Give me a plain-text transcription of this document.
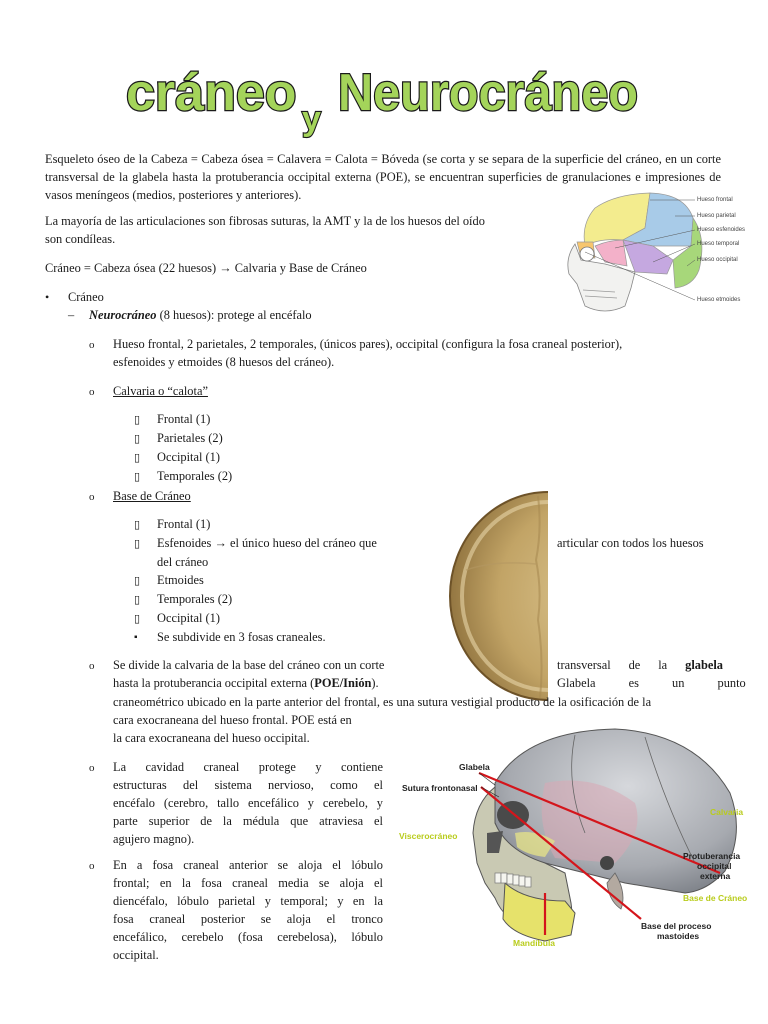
cráneo y Neurocráneo
Esqueleto óseo de la Cabeza = Cabeza ósea = Calavera = Calota = Bóveda (se corta y se separa de la superficie del cráneo, en un corte transversal de la glabela hasta la protuberancia occipital externa (POE), se encuentran superficies de granulaciones e impresiones de vasos meníngeos (medios, posteriores y anteriores).
La mayoría de las articulaciones son fibrosas suturas, la AMT y la de los huesos del oído
son condíleas.
Cráneo = Cabeza ósea (22 huesos) → Calvaria y Base de Cráneo
Hueso frontal
Hueso parietal
Hueso esfenoides
Hueso temporal
Hueso occipital
Hueso etmoides
• Cráneo
– Neurocráneo (8 huesos): protege al encéfalo
o Hueso frontal, 2 parietales, 2 temporales, (únicos pares), occipital (configura la fosa craneal posterior),
esfenoides y etmoides (8 huesos del cráneo).
o Calvaria o “calota”
▯ Frontal (1)
▯ Parietales (2)
▯ Occipital (1)
▯ Temporales (2)
o Base de Cráneo
▯ Frontal (1)
▯ Esfenoides → el único hueso del cráneo que	articular con todos los huesos
del cráneo
▯ Etmoides
▯ Temporales (2)
▯ Occipital (1)
▪ Se subdivide en 3 fosas craneales.
o Se divide la calvaria de la base del cráneo con un corte	transversal de la glabela
hasta la protuberancia occipital externa (POE/Inión).	Glabela es un punto
craneométrico ubicado en la parte anterior del frontal, es una sutura vestigial producto de la osificación de la
cara exocraneana del hueso frontal. POE está en
la cara exocraneana del hueso occipital.
o La cavidad craneal protege y contiene
estructuras del sistema nervioso, como el
encéfalo (cerebro, tallo encefálico y cerebelo, y
parte superior de la médula que atraviesa el
agujero magno).
o En a fosa craneal anterior se aloja el lóbulo
frontal; en la fosa craneal media se aloja el
diencéfalo, lóbulo parietal y temporal; y en la
fosa craneal posterior se aloja el tronco
encefálico, cerebelo (fosa cerebelosa), lóbulo
occipital.
Glabela
Sutura frontonasal
Calvaria
Viscerocráneo
Protuberancia
occipital
externa
Base de Cráneo
Base del proceso
mastoides
Mandíbula
